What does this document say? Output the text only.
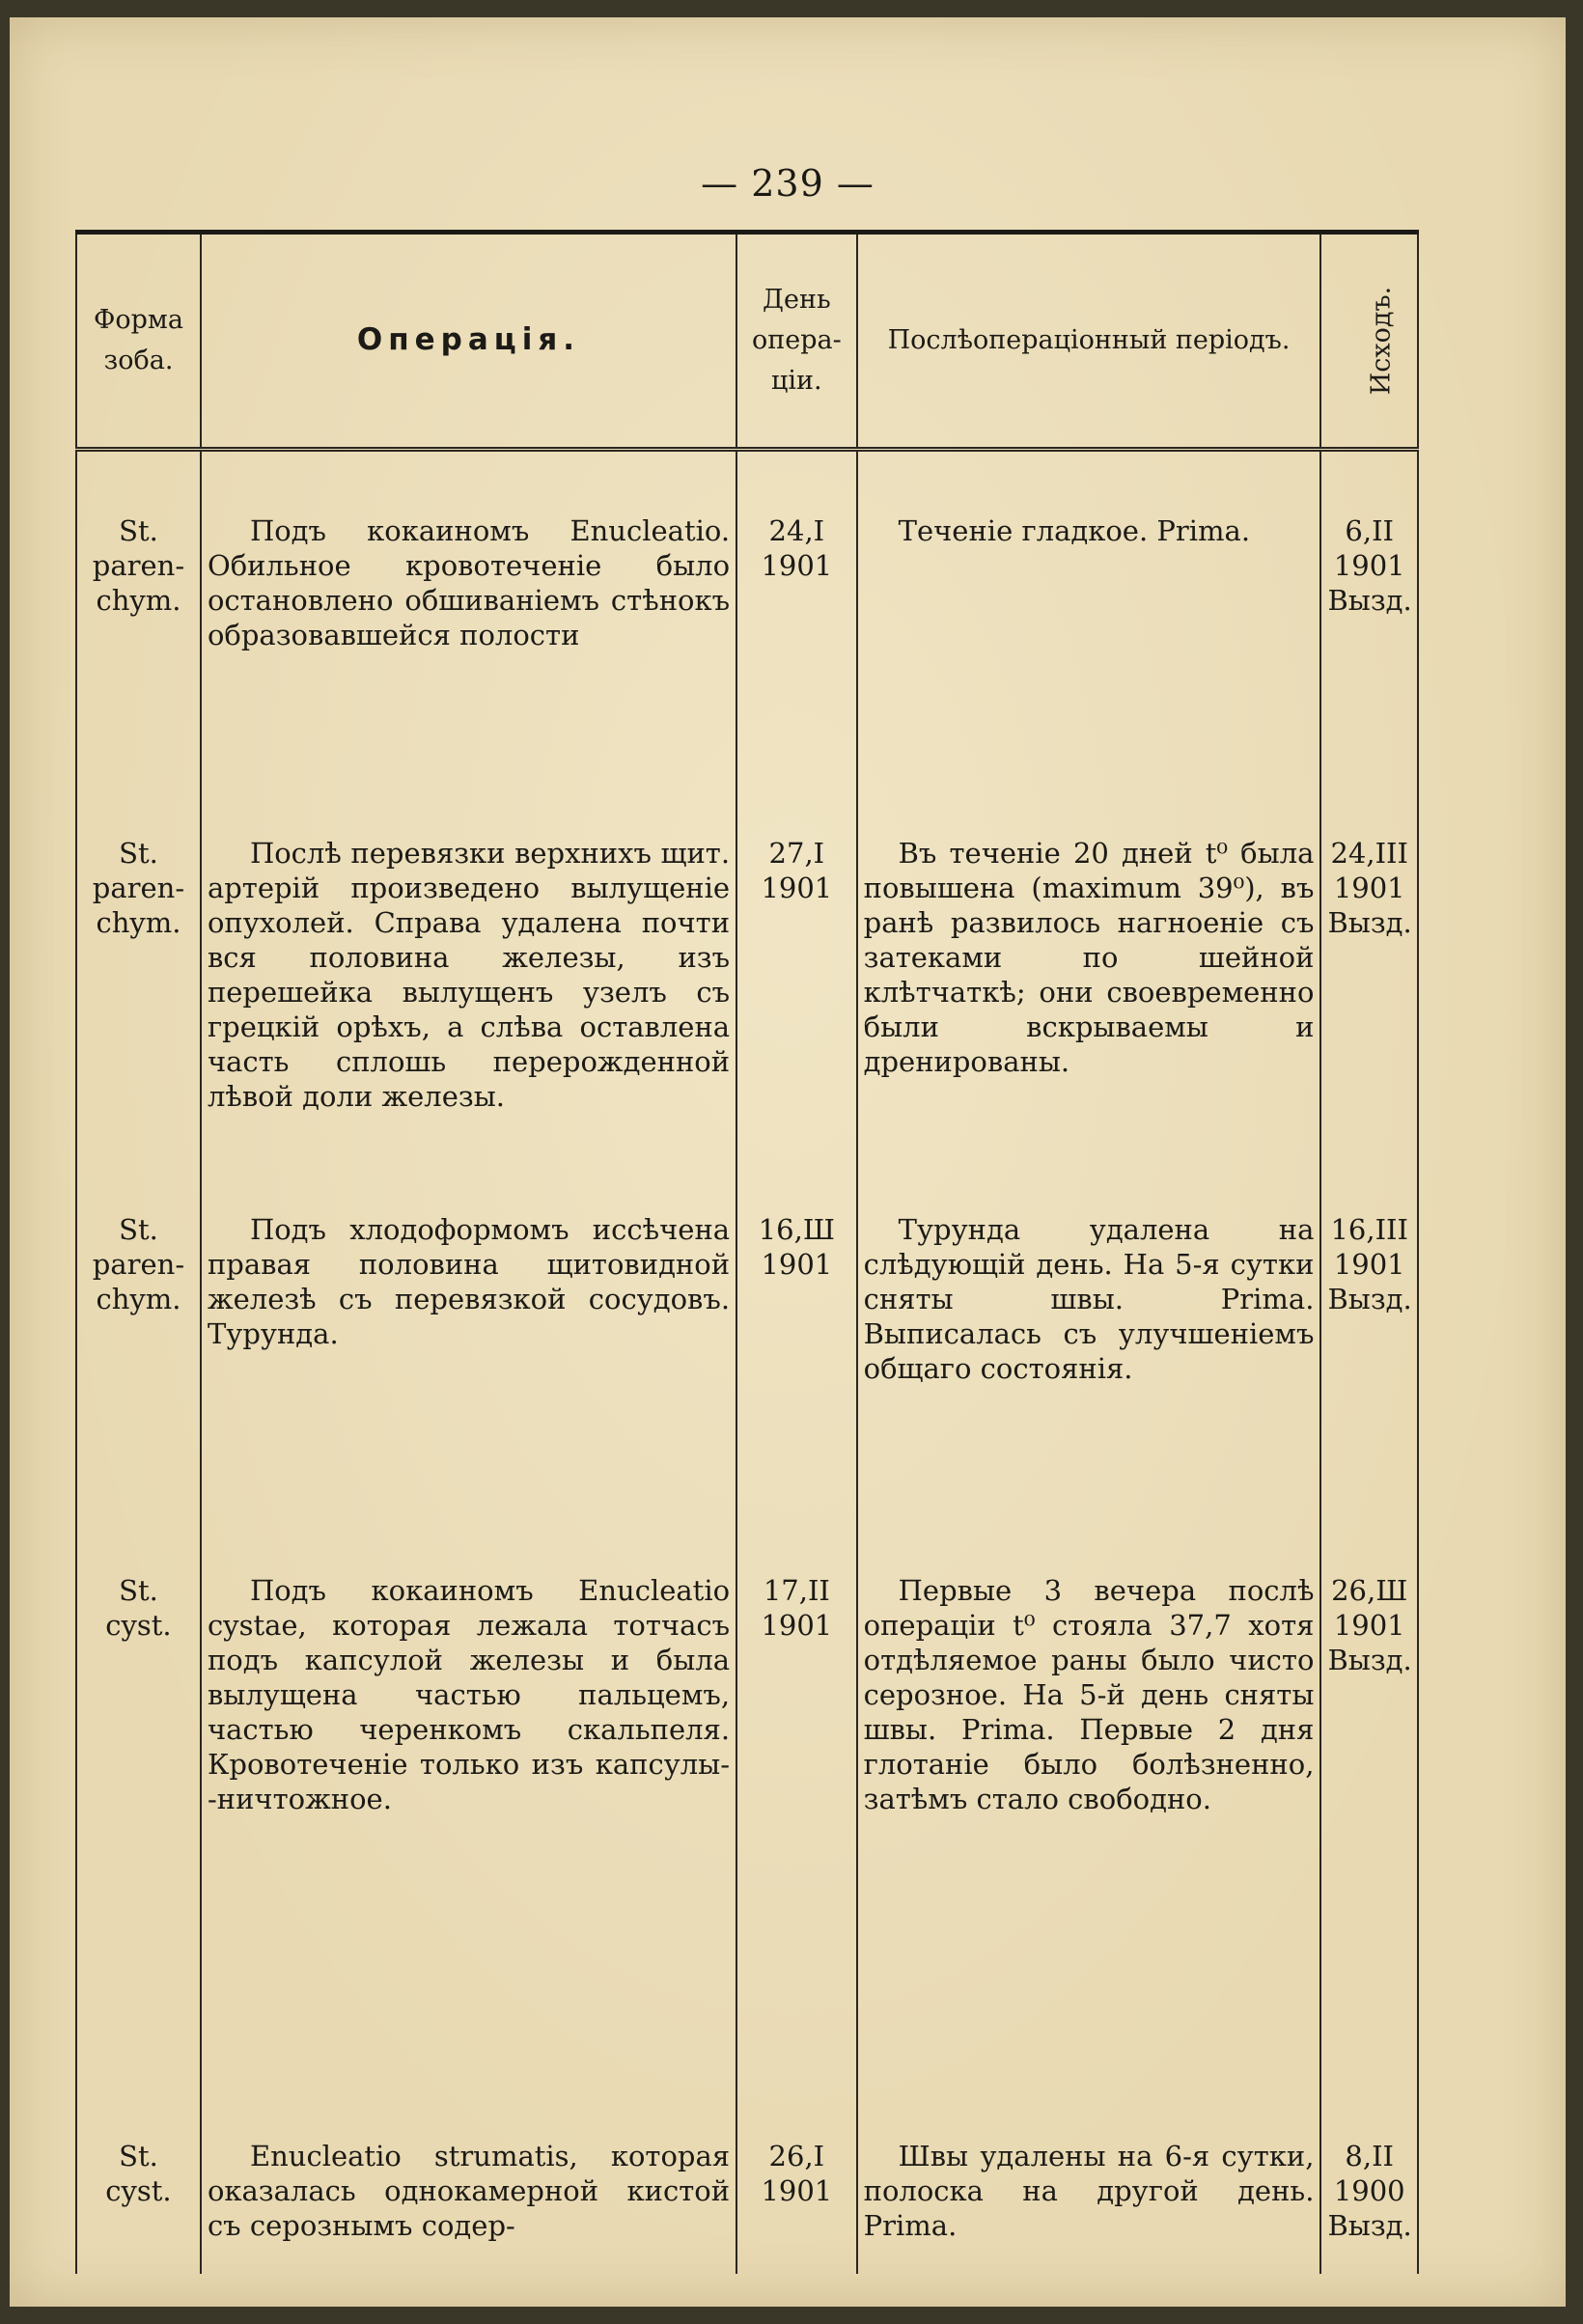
— 239 —
Форма зоба.	Операція.	День опера- ціи.	Послѣоперацiонный періодъ.	Исходъ.
St. paren- chym.	Подъ кокаиномъ Enucleatio. Обильное кровотеченіе было остановлено обшиваніемъ стѣнокъ образовавшейся полости	24,I 1901	Теченіе гладкое. Prima.	6,II 1901 Вызд.
St. paren- chym.	Послѣ перевязки верхнихъ щит. артерій произведено вылущеніе опухолей. Справа удалена почти вся половина железы, изъ перешейка вылущенъ узелъ съ грецкій орѣхъ, а слѣва оставлена часть сплошь перерожденной лѣвой доли железы.	27,I 1901	Въ теченіе 20 дней t⁰ была повышена (maximum 39⁰), въ ранѣ развилось нагноеніе съ затеками по шейной клѣтчаткѣ; они своевременно были вскрываемы и дренированы.	24,III 1901 Вызд.
St. paren- chym.	Подъ хлодоформомъ иссѣчена правая половина щитовидной железѣ съ перевязкой сосудовъ. Турунда.	16,Ш 1901	Турунда удалена на слѣдующій день. На 5-я сутки сняты швы. Prima. Выписалась съ улучшеніемъ общаго состоянія.	16,III 1901 Вызд.
St. cyst.	Подъ кокаиномъ Enucleatio cystae, которая лежала тотчасъ подъ капсулой железы и была вылущена частью пальцемъ, частью черенкомъ скальпеля. Кровотеченіе только изъ капсулы--ничтожное.	17,II 1901	Первые 3 вечера послѣ операціи t⁰ стояла 37,7 хотя отдѣляемое раны было чисто серозное. На 5-й день сняты швы. Prima. Первые 2 дня глотаніе было болѣзненно, затѣмъ стало свободно.	26,Ш 1901 Вызд.
St. cyst.	Enucleatio strumatis, которая оказалась однокамерной кистой съ серознымъ содер-	26,I 1901	Швы удалены на 6-я сутки, полоска на другой день. Prima.	8,II 1900 Вызд.
